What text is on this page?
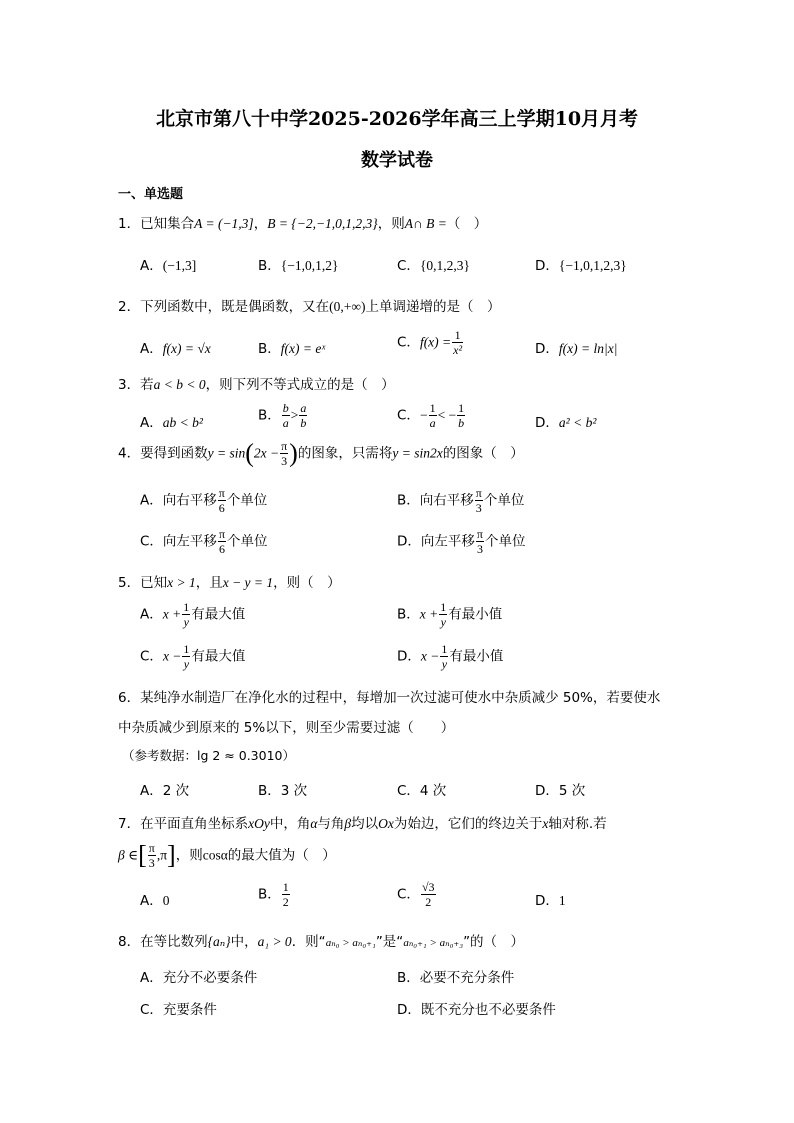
北京市第八十中学2025-2026学年高三上学期10月月考
数学试卷
一、单选题
1．已知集合A = (−1,3]，B = {−2,−1,0,1,2,3}，则A∩ B =（　）
A．(−1,3]	B．{−1,0,1,2}	C．{0,1,2,3}	D．{−1,0,1,2,3}
2．下列函数中，既是偶函数，又在(0,+∞)上单调递增的是（　）
A．f(x) = √x	B．f(x) = eˣ	C．$f(x) = \frac{1}{\text{x²}}$	D．f(x) = ln|x|
3．若a < b < 0，则下列不等式成立的是（　）
A．ab < b²	B． $\frac{b}{a} > \frac{a}{b}$	C．− $\frac{1}{a}$ < − $\frac{1}{b}$	D．a² < b²
4．要得到函数$y = \sin(2x - \frac{\pi}{3}$ )的图象，只需将y = sin2x的图象（　）
A．向右平移 $\frac{\pi}{6}$ 个单位	B．向右平移 $\frac{\pi}{3}$ 个单位
C．向左平移 $\frac{\pi}{6}$ 个单位	D．向左平移 $\frac{\pi}{3}$ 个单位
5．已知x > 1，且x − y = 1，则（　）
A．$x + \frac{1}{y}$ 有最大值	B．$x + \frac{1}{y}$ 有最小值
C．$x - \frac{1}{y}$ 有最大值	D．$x - \frac{1}{y}$ 有最小值
6．某纯净水制造厂在净化水的过程中，每增加一次过滤可使水中杂质减少 50%，若要使水
中杂质减少到原来的 5%以下，则至少需要过滤（　　）
（参考数据：lg 2 ≈ 0.3010）
A．2 次	B．3 次	C．4 次	D．5 次
7．在平面直角坐标系xOy中，角α与角β均以Ox为始边，它们的终边关于x轴对称.若
β ∈[ $\frac{\pi}{3} ,\pi$]，则cosα的最大值为（　）
A．0	B． $\frac{1}{2}$	C． $\frac{√3}{2}$	D．1
8．在等比数列{aₙ}中，a₁ > 0．则“aₙ₀ > aₙ₀₊₁”是“aₙ₀₊₁ > aₙ₀₊₃”的（　）
A．充分不必要条件	B．必要不充分条件
C．充要条件	D．既不充分也不必要条件
